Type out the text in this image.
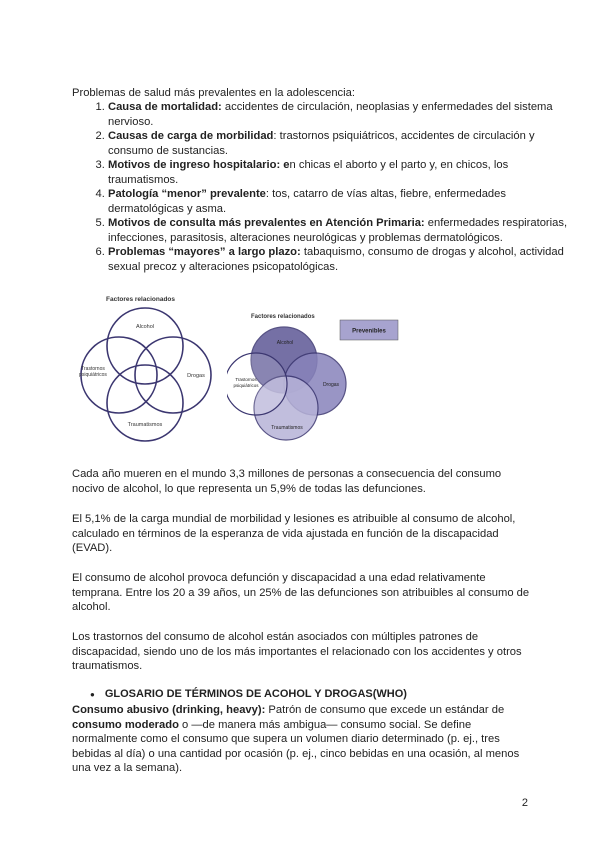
Problemas de salud más prevalentes en la adolescencia:
1. Causa de mortalidad: accidentes de circulación, neoplasias y enfermedades del sistema nervioso.
2. Causas de carga de morbilidad: trastornos psiquiátricos, accidentes de circulación y consumo de sustancias.
3. Motivos de ingreso hospitalario: en chicas el aborto y el parto y, en chicos, los traumatismos.
4. Patología “menor” prevalente: tos, catarro de vías altas, fiebre, enfermedades dermatológicas y asma.
5. Motivos de consulta más prevalentes en Atención Primaria: enfermedades respiratorias, infecciones, parasitosis, alteraciones neurológicas y problemas dermatológicos.
6. Problemas “mayores” a largo plazo: tabaquismo, consumo de drogas y alcohol, actividad sexual precoz y alteraciones psicopatológicas.
Factores relacionados
Alcohol
Trastornos psiquiátricos	Drogas
Traumatismos
Factores relacionados
Alcohol
Trastornos psiquiátricos	Drogas
Traumatismos
Prevenibles
Cada año mueren en el mundo 3,3 millones de personas a consecuencia del consumo nocivo de alcohol, lo que representa un 5,9% de todas las defunciones.
El 5,1% de la carga mundial de morbilidad y lesiones es atribuible al consumo de alcohol, calculado en términos de la esperanza de vida ajustada en función de la discapacidad (EVAD).
El consumo de alcohol provoca defunción y discapacidad a una edad relativamente temprana. Entre los 20 a 39 años, un 25% de las defunciones son atribuibles al consumo de alcohol.
Los trastornos del consumo de alcohol están asociados con múltiples patrones de discapacidad, siendo uno de los más importantes el relacionado con los accidentes y otros traumatismos.
● GLOSARIO DE TÉRMINOS DE ACOHOL Y DROGAS(WHO)
Consumo abusivo (drinking, heavy): Patrón de consumo que excede un estándar de consumo moderado o —de manera más ambigua— consumo social. Se define normalmente como el consumo que supera un volumen diario determinado (p. ej., tres bebidas al día) o una cantidad por ocasión (p. ej., cinco bebidas en una ocasión, al menos una vez a la semana).
2
